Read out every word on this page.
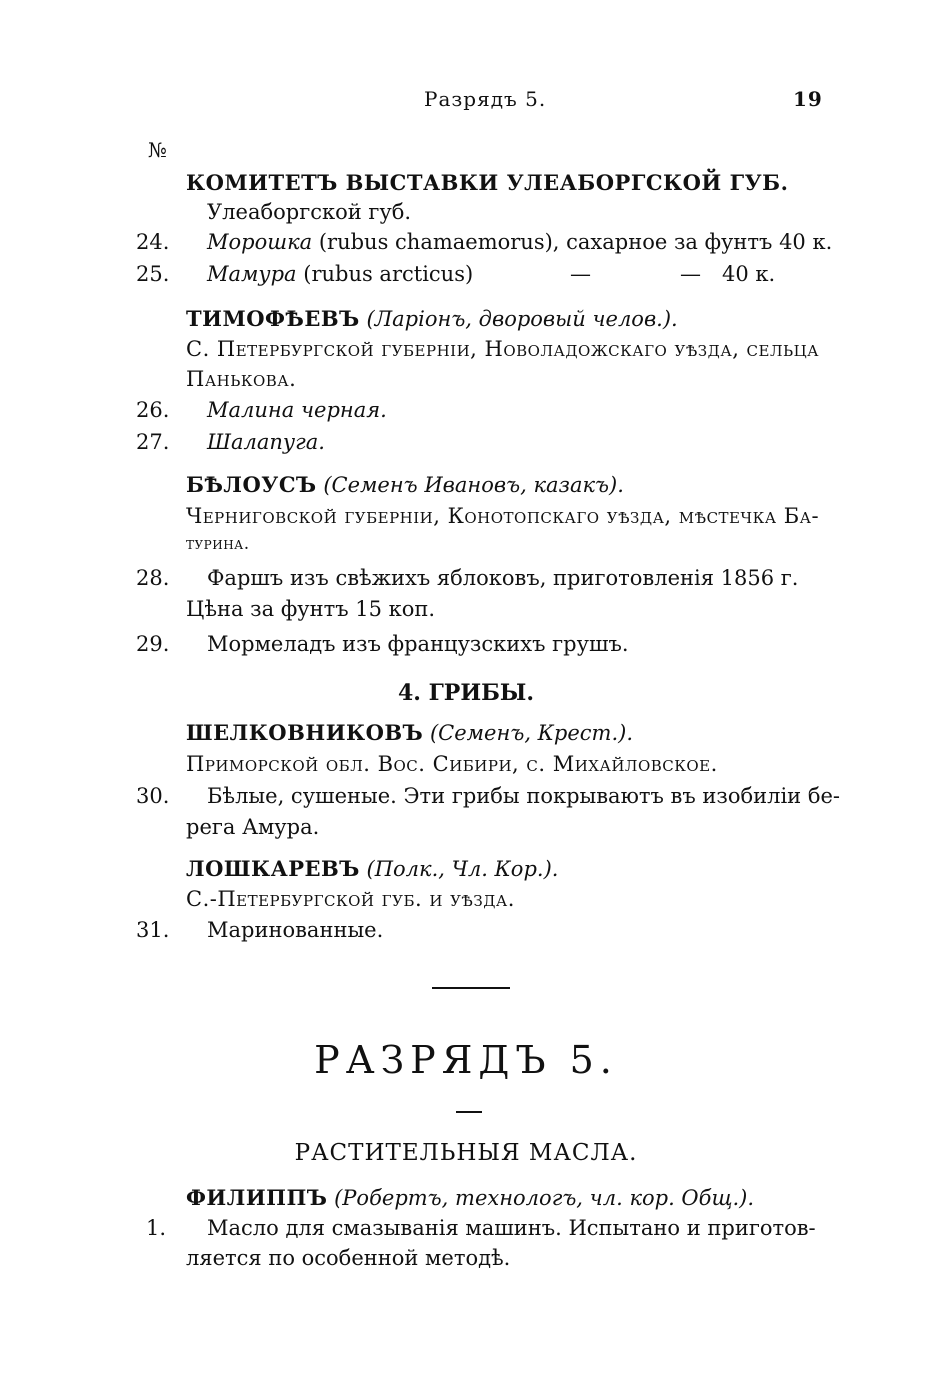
Разрядъ 5.	19
№
КОМИТЕТЪ ВЫСТАВКИ УЛЕАБОРГСКОЙ ГУБ.
Улеаборгской губ.
24.	Морошка (rubus chamaemorus), сахарное за фунтъ 40 к.
25.	Мамура (rubus arcticus)	—	— 40 к.
ТИМОФѢЕВЪ (Ларіонъ, дворовый челов.).
С. Петербургской губерніи, Новоладожскаго уѣзда, сельца
Панькова.
26.	Малина черная.
27.	Шалапуга.
БѢЛОУСЪ (Семенъ Ивановъ, казакъ).
Черниговской губерніи, Конотопскаго уѣзда, мѣстечка Ба-
турина.
28.	Фаршъ изъ свѣжихъ яблоковъ, приготовленія 1856 г.
Цѣна за фунтъ 15 коп.
29.	Мормеладъ изъ французскихъ грушъ.
4. ГРИБЫ.
ШЕЛКОВНИКОВЪ (Семенъ, Крест.).
Приморской обл. Вос. Сибири, с. Михайловское.
30.	Бѣлые, сушеные. Эти грибы покрываютъ въ изобиліи бе-
рега Амура.
ЛОШКАРЕВЪ (Полк., Чл. Кор.).
С.-Петербургской губ. и уѣзда.
31.	Маринованные.
РАЗРЯДЪ 5.
РАСТИТЕЛЬНЫЯ МАСЛА.
ФИЛИППЪ (Робертъ, технологъ, чл. кор. Общ.).
1.	Масло для смазыванія машинъ. Испытано и приготов-
ляется по особенной методѣ.
